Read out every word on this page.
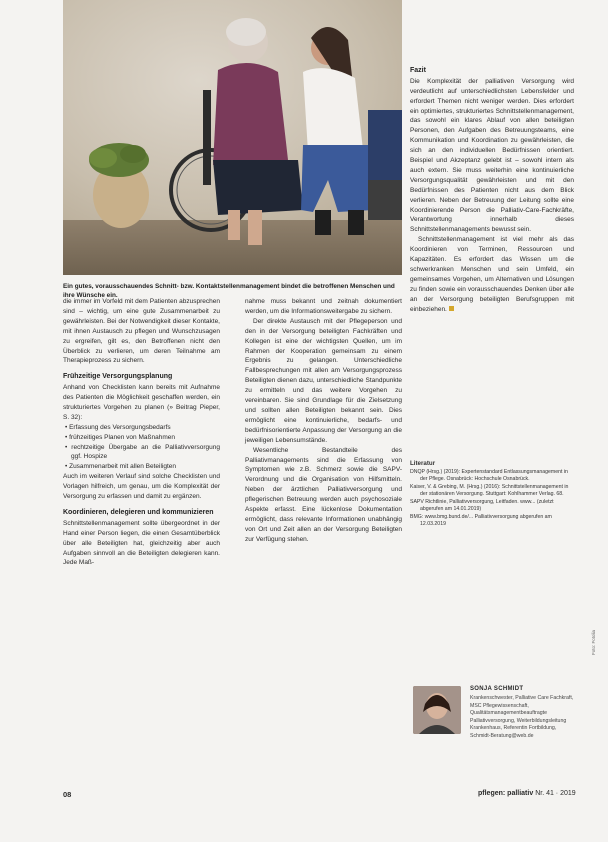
Ein gutes, vorausschauendes Schnitt- bzw. Kontaktstellenmanagement bindet die betroffenen Menschen und ihre Wünsche ein.

die immer im Vorfeld mit dem Patienten abzusprechen sind – wichtig, um eine gute Zusammenarbeit zu gewährleisten. Bei der Notwendigkeit dieser Kontakte, mit ihnen Austausch zu pflegen und Wunschzusagen zu ergreifen, gilt es, den Betroffenen nicht den Überblick zu verlieren, um deren Teilnahme am Therapieprozess zu sichern.

Frühzeitige Versorgungsplanung

Anhand von Checklisten kann bereits mit Aufnahme des Patienten die Möglichkeit geschaffen werden, ein strukturiertes Vorgehen zu planen (» Beitrag Pieper, S. 32):

• Erfassung des Versorgungsbedarfs
• frühzeitiges Planen von Maßnahmen
• rechtzeitige Übergabe an die Palliativversorgung ggf. Hospize
• Zusammenarbeit mit allen Beteiligten

Auch im weiteren Verlauf sind solche Checklisten und Vorlagen hilfreich, um genau, um die Komplexität der Versorgung zu erfassen und damit zu ergänzen.

Koordinieren, delegieren und kommunizieren

Schnittstellenmanagement sollte übergeordnet in der Hand einer Person liegen, die einen Gesamtüberblick über alle Beteiligten hat, gleichzeitig aber auch Aufgaben sinnvoll an die Beteiligten delegieren kann. Jede Maß-

nahme muss bekannt und zeitnah dokumentiert werden, um die Informationsweitergabe zu sichern.

Der direkte Austausch mit der Pflegeperson und den in der Versorgung beteiligten Fachkräften und Kollegen ist eine der wichtigsten Quellen, um im Rahmen der Kooperation gemeinsam zu einem Ergebnis zu gelangen. Unterschiedliche Fallbesprechungen mit allen am Versorgungsprozess Beteiligten dienen dazu, unterschiedliche Standpunkte zu ermitteln und das weitere Vorgehen zu vereinbaren. Sie sind Grundlage für die Zielsetzung und sollten allen Beteiligten bekannt sein. Dies ermöglicht eine kontinuierliche, bedarfs- und bedürfnisorientierte Anpassung der Versorgung an die jeweiligen Lebensumstände.

Wesentliche Bestandteile des Palliativmanagements sind die Erfassung von Symptomen wie z.B. Schmerz sowie die SAPV-Verordnung und die Organisation von Hilfsmitteln. Neben der ärztlichen Palliativversorgung und pflegerischen Betreuung werden auch psychosoziale Aspekte erfasst. Eine lückenlose Dokumentation ermöglicht, dass relevante Informationen unabhängig von Ort und Zeit allen an der Versorgung Beteiligten zur Verfügung stehen.

Fazit

Die Komplexität der palliativen Versorgung wird verdeutlicht auf unterschiedlichsten Lebensfelder und erfordert Themen nicht weniger werden. Dies erfordert ein optimiertes, strukturiertes Schnittstellenmanagement, das sowohl ein klares Ablauf von allen beteiligten Personen, den Aufgaben des Betreuungsteams, eine Kommunikation und Koordination zu gewährleisten, die sich an den individuellen Bedürfnissen orientiert. Beispiel und Akzeptanz gelebt ist – sowohl intern als auch extern. Sie muss weiterhin eine kontinuierliche Versorgungsqualität gewährleisten und mit den Bedürfnissen des Patienten nicht aus dem Blick verlieren. Neben der Betreuung der Leitung sollte eine Koordinierende Person die Palliativ-Care-Fachkräfte, Verantwortung innerhalb dieses Schnittstellenmanagements bewusst sein.

Schnittstellenmanagement ist viel mehr als das Koordinieren von Terminen, Ressourcen und Kapazitäten. Es erfordert das Wissen um die schwerkranken Menschen und sein Umfeld, ein gemeinsames Vorgehen, um Alternativen und Lösungen zu finden sowie ein vorausschauendes Denken über alle an der Versorgung beteiligten Berufsgruppen mit einbeziehen.

Literatur
DNQP (Hrsg.) (2019): Expertenstandard Entlassungsmanagement in der Pflege. Osnabrück: Hochschule Osnabrück.
Kaiser, V. & Grebing, M. (Hrsg.) (2016): Schnittstellenmanagement in der stationären Versorgung. Stuttgart: Kohlhammer Verlag. 68.
SAPV Richtlinie, Palliativversorgung, Leitfaden. www... (zuletzt abgerufen am 14.01.2019)
BMG: www.bmg.bund.de/... Palliativversorgung abgerufen am 12.03.2019
SONJA SCHMIDT
Krankenschwester, Palliative Care Fachkraft, MSC Pflegewissenschaft, Qualitätsmanagementbeauftragte Palliativversorgung, Weiterbildungsleitung Krankenhaus, Referentin Fortbildung, Schmidt-Beratung@web.de
Foto: Fotolia
08	pflegen: palliativ Nr. 41 · 2019
